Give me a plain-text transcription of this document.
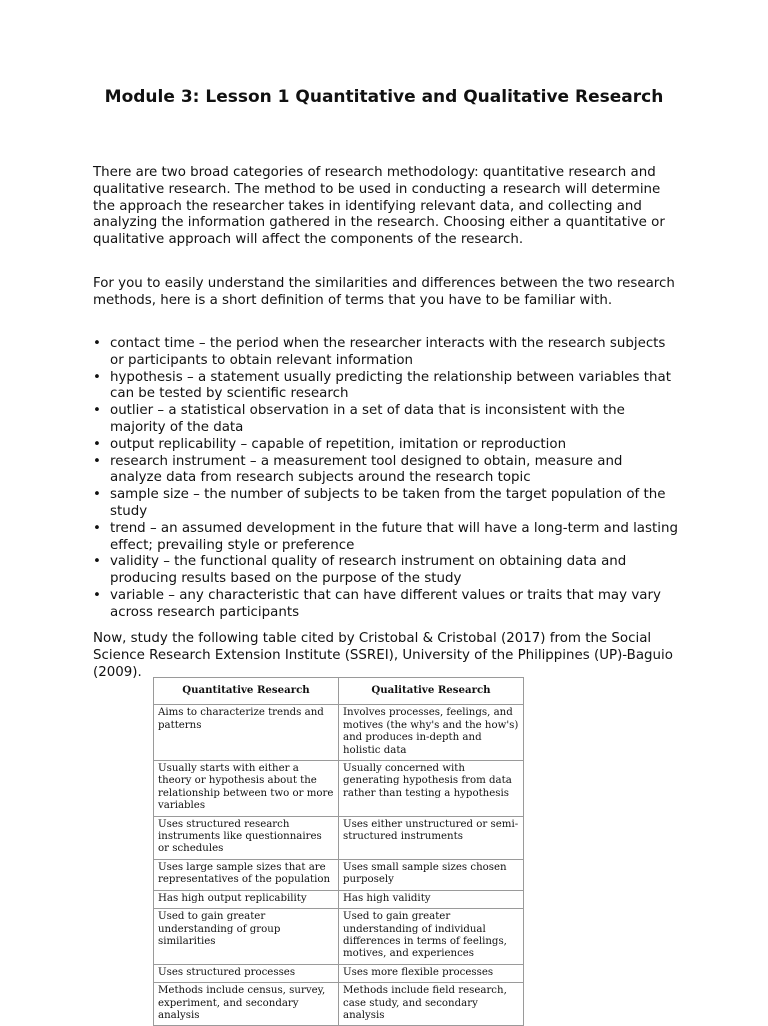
Module 3: Lesson 1 Quantitative and Qualitative Research

There are two broad categories of research methodology: quantitative research and qualitative research. The method to be used in conducting a research will determine the approach the researcher takes in identifying relevant data, and collecting and analyzing the information gathered in the research. Choosing either a quantitative or qualitative approach will affect the components of the research.

For you to easily understand the similarities and differences between the two research methods, here is a short definition of terms that you have to be familiar with.

• contact time – the period when the researcher interacts with the research subjects or participants to obtain relevant information
• hypothesis – a statement usually predicting the relationship between variables that can be tested by scientific research
• outlier – a statistical observation in a set of data that is inconsistent with the majority of the data
• output replicability – capable of repetition, imitation or reproduction
• research instrument – a measurement tool designed to obtain, measure and analyze data from research subjects around the research topic
• sample size – the number of subjects to be taken from the target population of the study
• trend – an assumed development in the future that will have a long-term and lasting effect; prevailing style or preference
• validity – the functional quality of research instrument on obtaining data and producing results based on the purpose of the study
• variable – any characteristic that can have different values or traits that may vary across research participants

Now, study the following table cited by Cristobal & Cristobal (2017) from the Social Science Research Extension Institute (SSREI), University of the Philippines (UP)-Baguio (2009).

Quantitative Research	Qualitative Research
Aims to characterize trends and patterns	Involves processes, feelings, and motives (the why's and the how's) and produces in-depth and holistic data
Usually starts with either a theory or hypothesis about the relationship between two or more variables	Usually concerned with generating hypothesis from data rather than testing a hypothesis
Uses structured research instruments like questionnaires or schedules	Uses either unstructured or semi-structured instruments
Uses large sample sizes that are representatives of the population	Uses small sample sizes chosen purposely
Has high output replicability	Has high validity
Used to gain greater understanding of group similarities	Used to gain greater understanding of individual differences in terms of feelings, motives, and experiences
Uses structured processes	Uses more flexible processes
Methods include census, survey, experiment, and secondary analysis	Methods include field research, case study, and secondary analysis
